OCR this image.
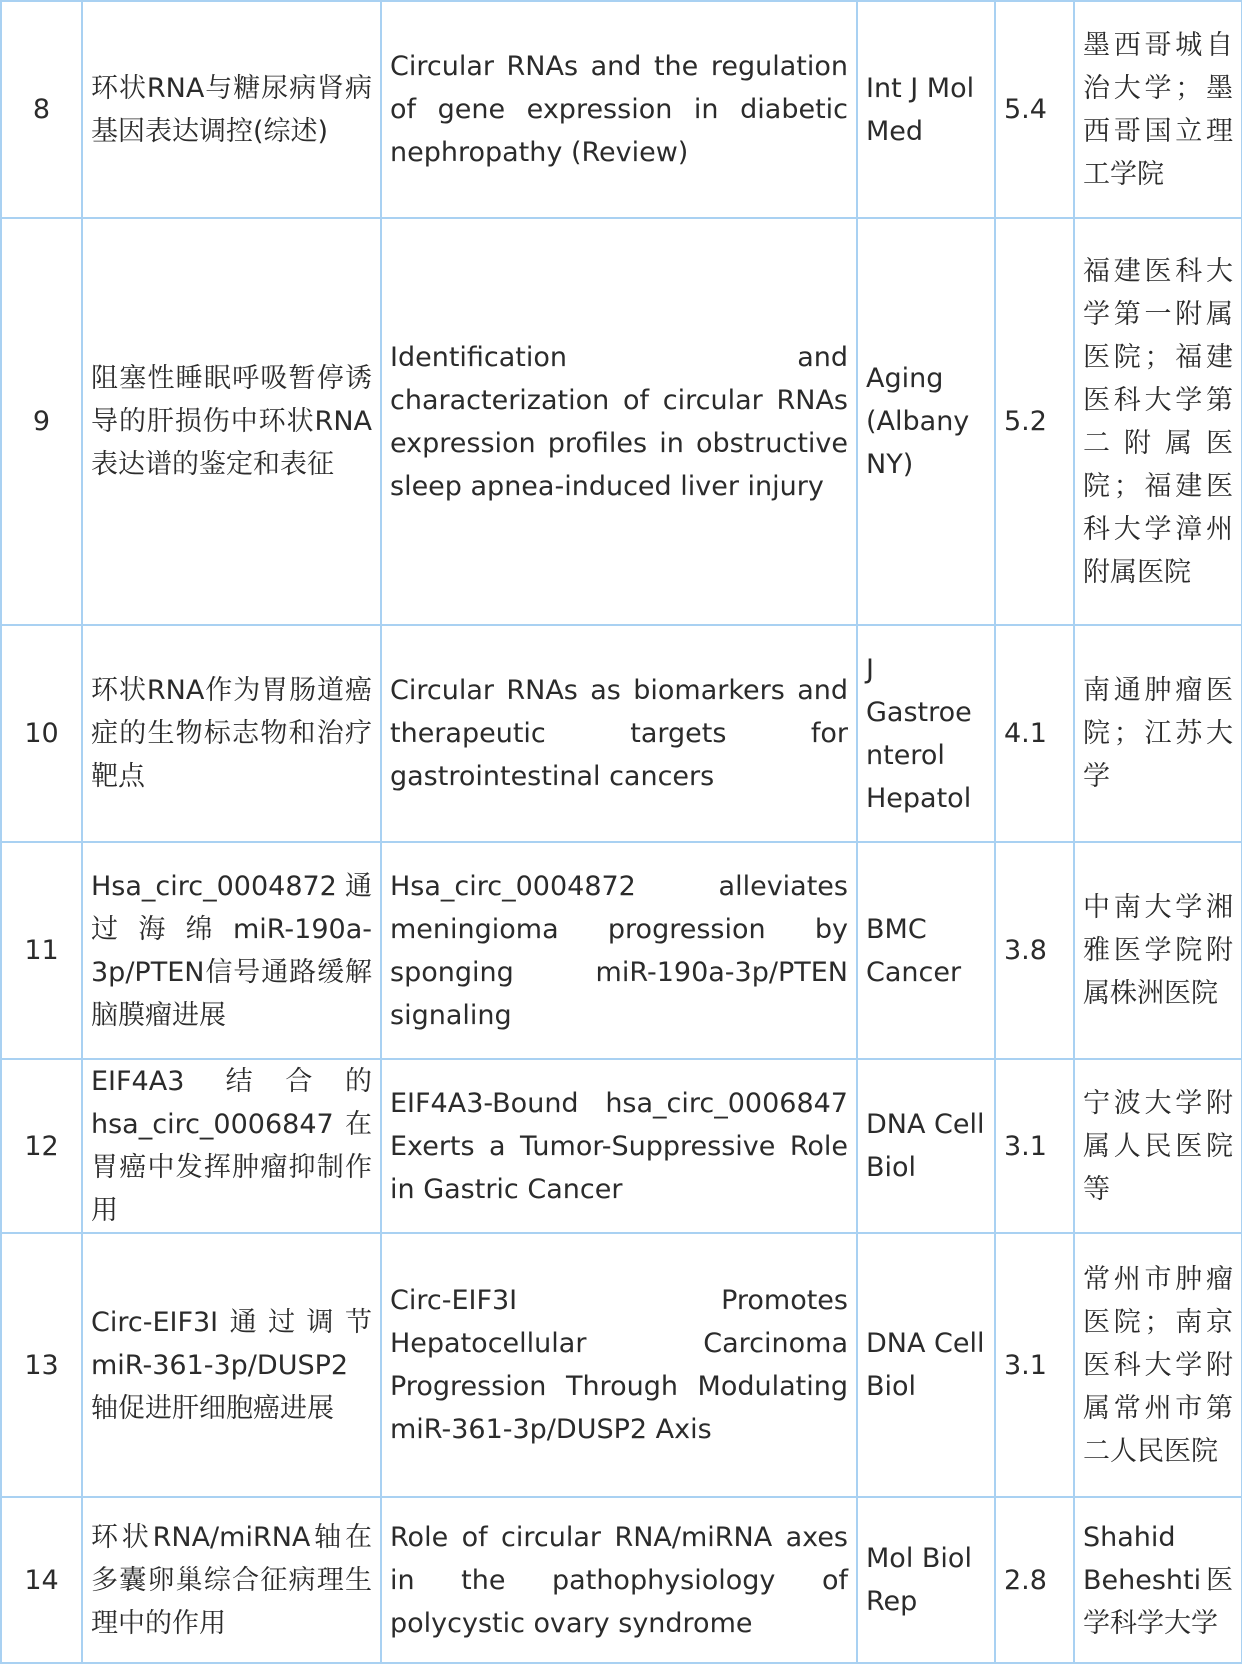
8	环状RNA与糖尿病肾病基因表达调控(综述)	Circular RNAs and the regulation of gene expression in diabetic nephropathy (Review)	Int J Mol Med	5.4	墨西哥城自治大学；墨西哥国立理工学院
9	阻塞性睡眠呼吸暂停诱导的肝损伤中环状RNA表达谱的鉴定和表征	Identification and characterization of circular RNAs expression profiles in obstructive sleep apnea-induced liver injury	Aging (Albany NY)	5.2	福建医科大学第一附属医院；福建医科大学第二附属医院；福建医科大学漳州附属医院
10	环状RNA作为胃肠道癌症的生物标志物和治疗靶点	Circular RNAs as biomarkers and therapeutic targets for gastrointestinal cancers	J Gastroenterol Hepatol	4.1	南通肿瘤医院；江苏大学
11	Hsa_circ_0004872通过海绵miR-190a-3p/PTEN信号通路缓解脑膜瘤进展	Hsa_circ_0004872 alleviates meningioma progression by sponging miR-190a-3p/PTEN signaling	BMC Cancer	3.8	中南大学湘雅医学院附属株洲医院
12	EIF4A3 结合的hsa_circ_0006847在胃癌中发挥肿瘤抑制作用	EIF4A3-Bound hsa_circ_0006847 Exerts a Tumor-Suppressive Role in Gastric Cancer	DNA Cell Biol	3.1	宁波大学附属人民医院等
13	Circ-EIF3I通过调节miR-361-3p/DUSP2轴促进肝细胞癌进展	Circ-EIF3I Promotes Hepatocellular Carcinoma Progression Through Modulating miR-361-3p/DUSP2 Axis	DNA Cell Biol	3.1	常州市肿瘤医院；南京医科大学附属常州市第二人民医院
14	环状RNA/miRNA轴在多囊卵巢综合征病理生理中的作用	Role of circular RNA/miRNA axes in the pathophysiology of polycystic ovary syndrome	Mol Biol Rep	2.8	Shahid Beheshti医学科学大学
